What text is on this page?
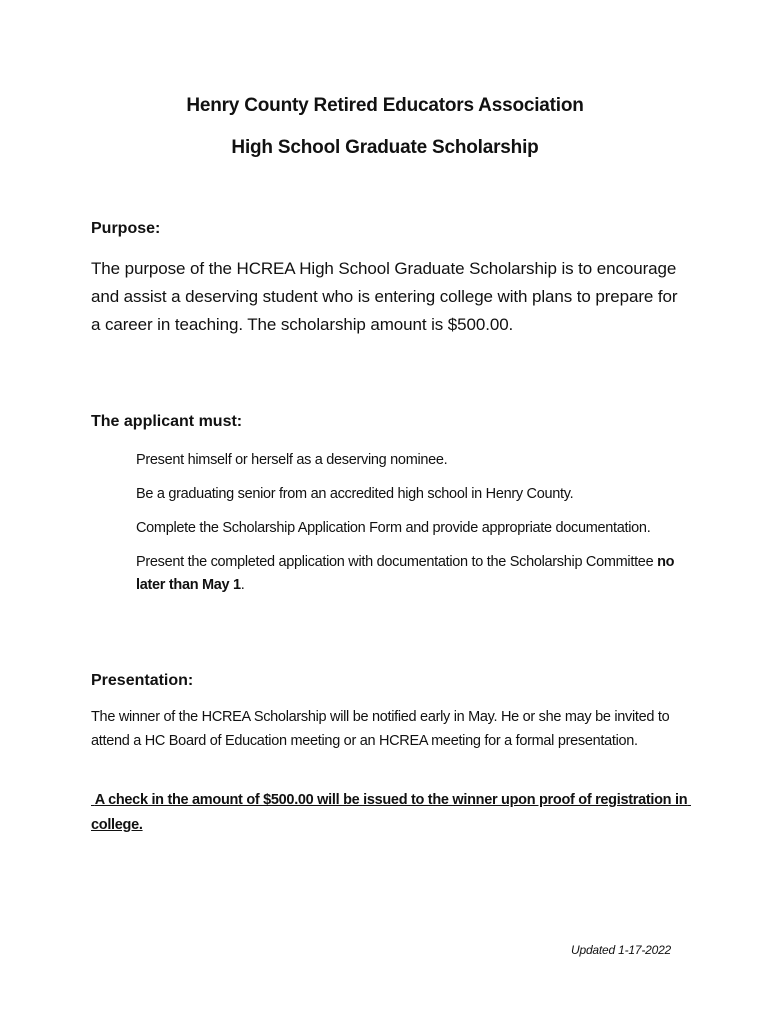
Henry County Retired Educators Association
High School Graduate Scholarship
Purpose:
The purpose of the HCREA High School Graduate Scholarship is to encourage and assist a deserving student who is entering college with plans to prepare for a career in teaching. The scholarship amount is $500.00.
The applicant must:
Present himself or herself as a deserving nominee.
Be a graduating senior from an accredited high school in Henry County.
Complete the Scholarship Application Form and provide appropriate documentation.
Present the completed application with documentation to the Scholarship Committee no later than May 1.
Presentation:
The winner of the HCREA Scholarship will be notified early in May. He or she may be invited to attend a HC Board of Education meeting or an HCREA meeting for a formal presentation.
A check in the amount of $500.00 will be issued to the winner upon proof of registration in college.
Updated 1-17-2022
